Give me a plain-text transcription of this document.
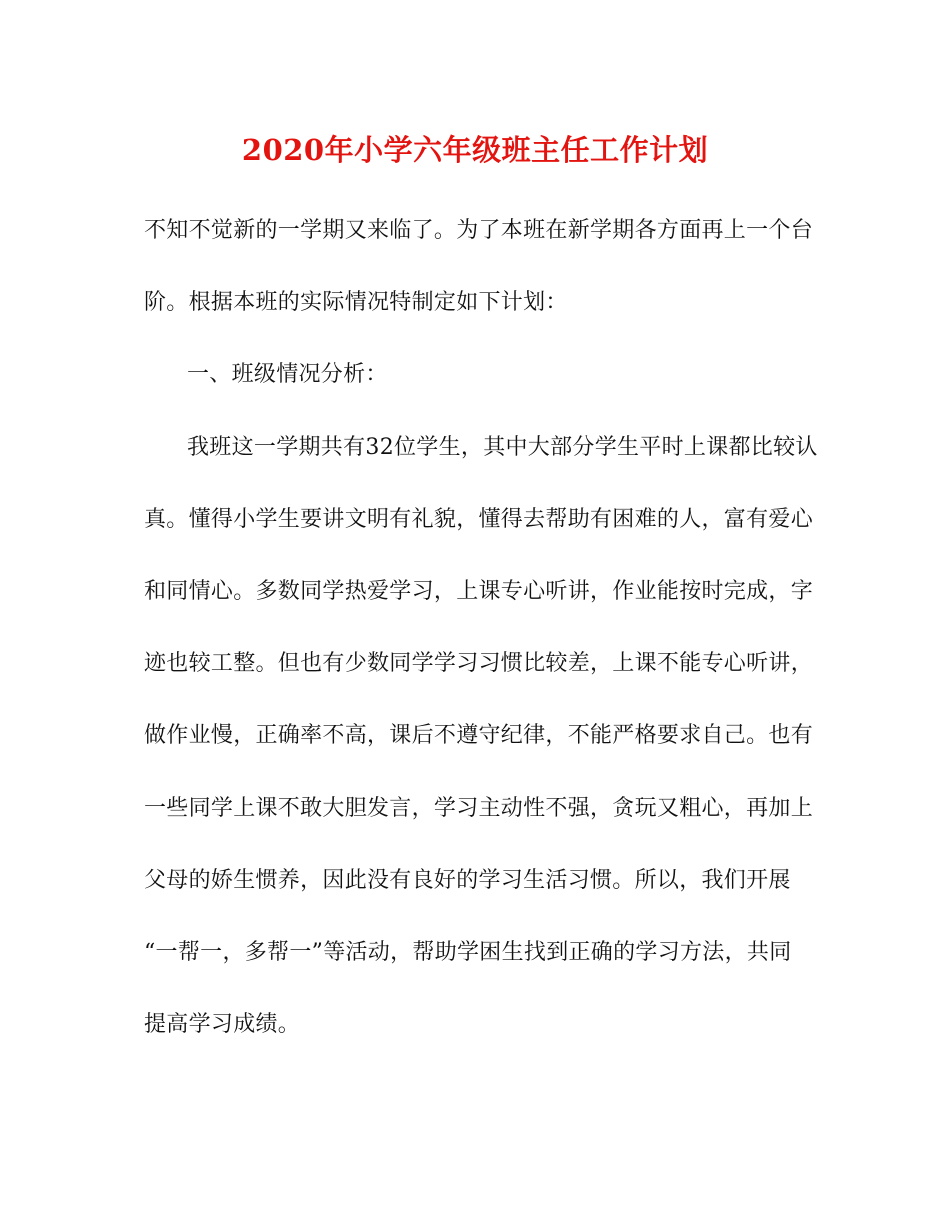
2020年小学六年级班主任工作计划
不知不觉新的一学期又来临了。为了本班在新学期各方面再上一个台
阶。根据本班的实际情况特制定如下计划：
一、班级情况分析：
我班这一学期共有32位学生，其中大部分学生平时上课都比较认
真。懂得小学生要讲文明有礼貌，懂得去帮助有困难的人，富有爱心
和同情心。多数同学热爱学习，上课专心听讲，作业能按时完成，字
迹也较工整。但也有少数同学学习习惯比较差，上课不能专心听讲，
做作业慢，正确率不高，课后不遵守纪律，不能严格要求自己。也有
一些同学上课不敢大胆发言，学习主动性不强，贪玩又粗心，再加上
父母的娇生惯养，因此没有良好的学习生活习惯。所以，我们开展
“一帮一，多帮一”等活动，帮助学困生找到正确的学习方法，共同
提高学习成绩。
